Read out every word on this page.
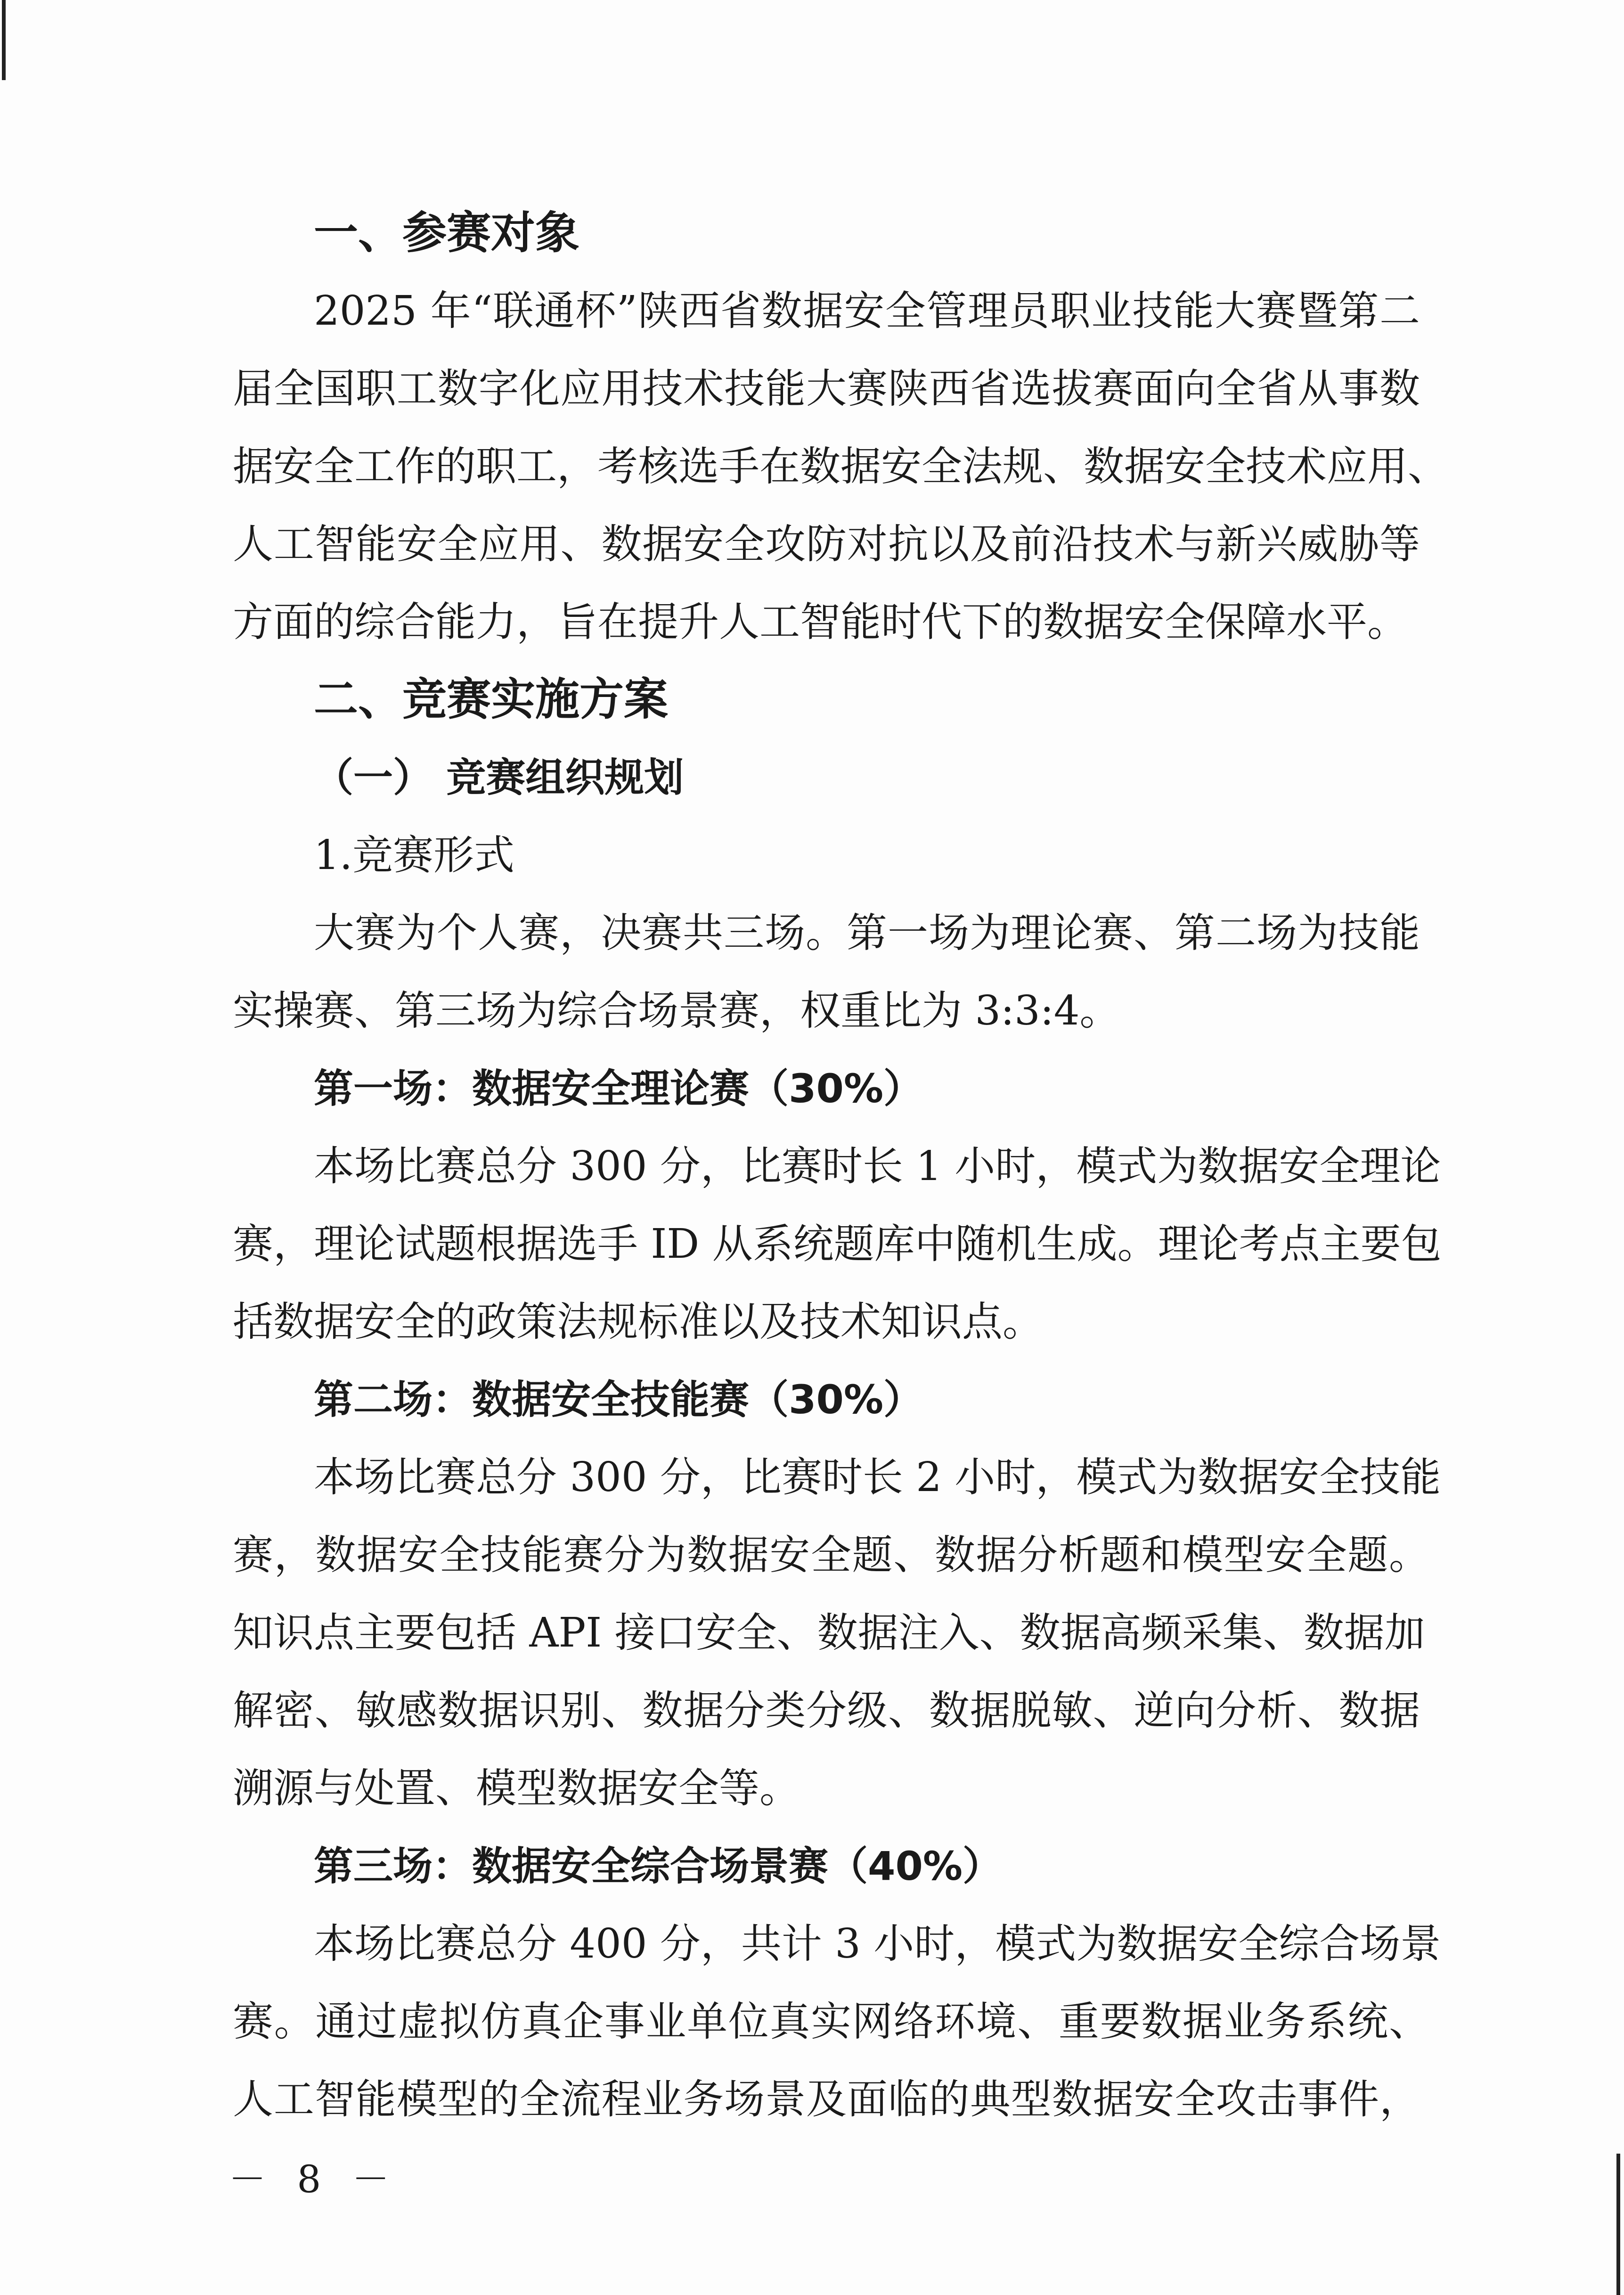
一、参赛对象
2025 年“联通杯”陕西省数据安全管理员职业技能大赛暨第二
届全国职工数字化应用技术技能大赛陕西省选拔赛面向全省从事数
据安全工作的职工，考核选手在数据安全法规、数据安全技术应用、
人工智能安全应用、数据安全攻防对抗以及前沿技术与新兴威胁等
方面的综合能力，旨在提升人工智能时代下的数据安全保障水平。
二、竞赛实施方案
（一） 竞赛组织规划
1.竞赛形式
大赛为个人赛，决赛共三场。第一场为理论赛、第二场为技能
实操赛、第三场为综合场景赛，权重比为 3:3:4。
第一场：数据安全理论赛（30%）
本场比赛总分 300 分，比赛时长 1 小时，模式为数据安全理论
赛，理论试题根据选手 ID 从系统题库中随机生成。理论考点主要包
括数据安全的政策法规标准以及技术知识点。
第二场：数据安全技能赛（30%）
本场比赛总分 300 分，比赛时长 2 小时，模式为数据安全技能
赛，数据安全技能赛分为数据安全题、数据分析题和模型安全题。
知识点主要包括 API 接口安全、数据注入、数据高频采集、数据加
解密、敏感数据识别、数据分类分级、数据脱敏、逆向分析、数据
溯源与处置、模型数据安全等。
第三场：数据安全综合场景赛（40%）
本场比赛总分 400 分，共计 3 小时，模式为数据安全综合场景
赛。通过虚拟仿真企事业单位真实网络环境、重要数据业务系统、
人工智能模型的全流程业务场景及面临的典型数据安全攻击事件，
－ 8 －
